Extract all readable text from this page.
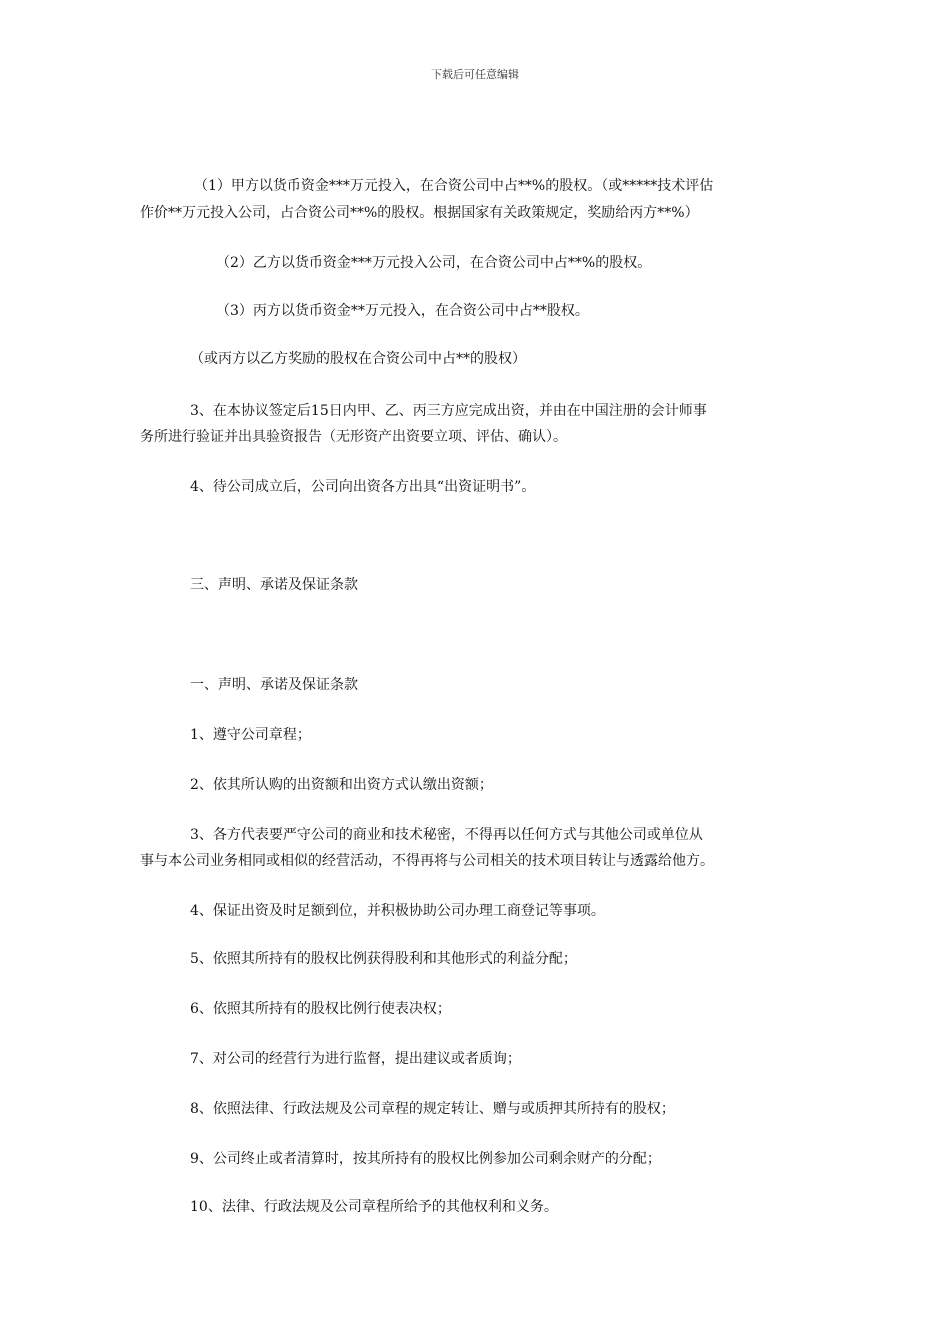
下载后可任意编辑
（1）甲方以货币资金***万元投入，在合资公司中占**%的股权。（或*****技术评估
作价**万元投入公司，占合资公司**%的股权。根据国家有关政策规定，奖励给丙方**%）
（2）乙方以货币资金***万元投入公司，在合资公司中占**%的股权。
（3）丙方以货币资金**万元投入，在合资公司中占**股权。
（或丙方以乙方奖励的股权在合资公司中占**的股权）
3、在本协议签定后15日内甲、乙、丙三方应完成出资，并由在中国注册的会计师事
务所进行验证并出具验资报告（无形资产出资要立项、评估、确认）。
4、待公司成立后，公司向出资各方出具“出资证明书”。
三、声明、承诺及保证条款
一、声明、承诺及保证条款
1、遵守公司章程；
2、依其所认购的出资额和出资方式认缴出资额；
3、各方代表要严守公司的商业和技术秘密，不得再以任何方式与其他公司或单位从
事与本公司业务相同或相似的经营活动，不得再将与公司相关的技术项目转让与透露给他方。
4、保证出资及时足额到位，并积极协助公司办理工商登记等事项。
5、依照其所持有的股权比例获得股利和其他形式的利益分配；
6、依照其所持有的股权比例行使表决权；
7、对公司的经营行为进行监督，提出建议或者质询；
8、依照法律、行政法规及公司章程的规定转让、赠与或质押其所持有的股权；
9、公司终止或者清算时，按其所持有的股权比例参加公司剩余财产的分配；
10、法律、行政法规及公司章程所给予的其他权利和义务。
